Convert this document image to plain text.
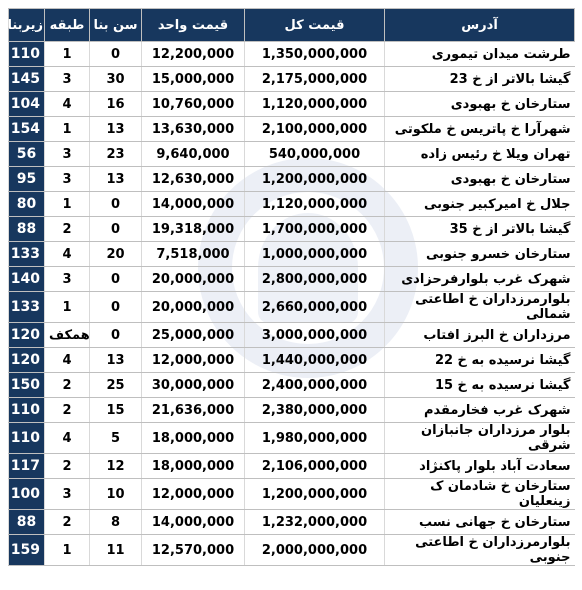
آدرس	قیمت کل	قیمت واحد	سن بنا	طبقه	زیربنا
طرشت میدان تیموری	1,350,000,000	12,200,000	0	1	110
گیشا بالاتر از خ 23	2,175,000,000	15,000,000	30	3	145
ستارخان خ بهبودی	1,120,000,000	10,760,000	16	4	104
شهرآرا خ پاتریس خ ملکوتی	2,100,000,000	13,630,000	13	1	154
تهران ویلا خ رئیس زاده	540,000,000	9,640,000	23	3	56
ستارخان خ بهبودی	1,200,000,000	12,630,000	13	3	95
جلال خ امیرکبیر جنوبی	1,120,000,000	14,000,000	0	1	80
گیشا بالاتر از خ 35	1,700,000,000	19,318,000	0	2	88
ستارخان خسرو جنوبی	1,000,000,000	7,518,000	20	4	133
شهرک غرب بلوارفرحزادی	2,800,000,000	20,000,000	0	3	140
بلوارمرزداران خ اطاعتی شمالی	2,660,000,000	20,000,000	0	1	133
مرزداران خ البرز افتاب	3,000,000,000	25,000,000	0	همکف	120
گیشا نرسیده به خ 22	1,440,000,000	12,000,000	13	4	120
گیشا نرسیده به خ 15	2,400,000,000	30,000,000	25	2	150
شهرک غرب فخارمقدم	2,380,000,000	21,636,000	15	2	110
بلوار مرزداران جانبازان شرقی	1,980,000,000	18,000,000	5	4	110
سعادت آباد بلوار پاکنژاد	2,106,000,000	18,000,000	12	2	117
ستارخان خ شادمان ک زینعلیان	1,200,000,000	12,000,000	10	3	100
ستارخان خ جهانی نسب	1,232,000,000	14,000,000	8	2	88
بلوارمرزداران خ اطاعتی جنوبی	2,000,000,000	12,570,000	11	1	159
